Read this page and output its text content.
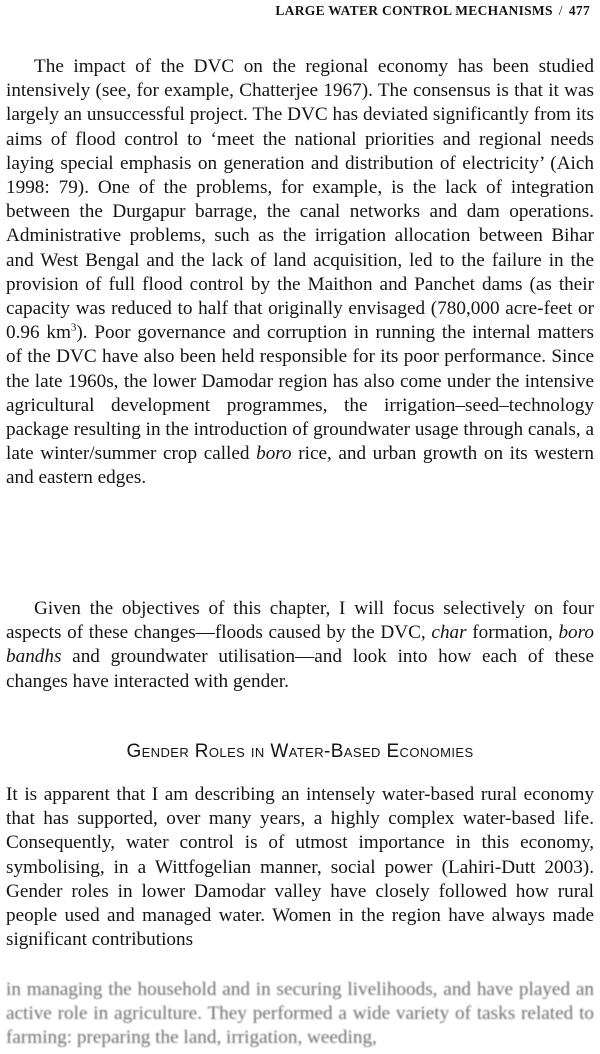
LARGE WATER CONTROL MECHANISMS / 477

The impact of the DVC on the regional economy has been studied intensively (see, for example, Chatterjee 1967). The consensus is that it was largely an unsuccessful project. The DVC has deviated significantly from its aims of flood control to ‘meet the national priorities and regional needs laying special emphasis on generation and distribution of electricity’ (Aich 1998: 79). One of the problems, for example, is the lack of integration between the Durgapur barrage, the canal networks and dam operations. Administrative problems, such as the irrigation allocation between Bihar and West Bengal and the lack of land acquisition, led to the failure in the provision of full flood control by the Maithon and Panchet dams (as their capacity was reduced to half that originally envisaged (780,000 acre-feet or 0.96 $km^3$). Poor governance and corruption in running the internal matters of the DVC have also been held responsible for its poor performance. Since the late 1960s, the lower Damodar region has also come under the intensive agricultural development programmes, the irrigation–seed–technology package resulting in the introduction of groundwater usage through canals, a late winter/summer crop called boro rice, and urban growth on its western and eastern edges.

Given the objectives of this chapter, I will focus selectively on four aspects of these changes—floods caused by the DVC, char formation, boro bandhs and groundwater utilisation—and look into how each of these changes have interacted with gender.

Gender Roles in Water-Based Economies

It is apparent that I am describing an intensely water-based rural economy that has supported, over many years, a highly complex water-based life. Consequently, water control is of utmost importance in this economy, symbolising, in a Wittfogelian manner, social power (Lahiri-Dutt 2003). Gender roles in lower Damodar valley have closely followed how rural people used and managed water. Women in the region have always made significant contributions

in managing the household and in securing livelihoods, and have played an active role in agriculture. They performed a wide variety of tasks related to farming: preparing the land, irrigation, weeding,
